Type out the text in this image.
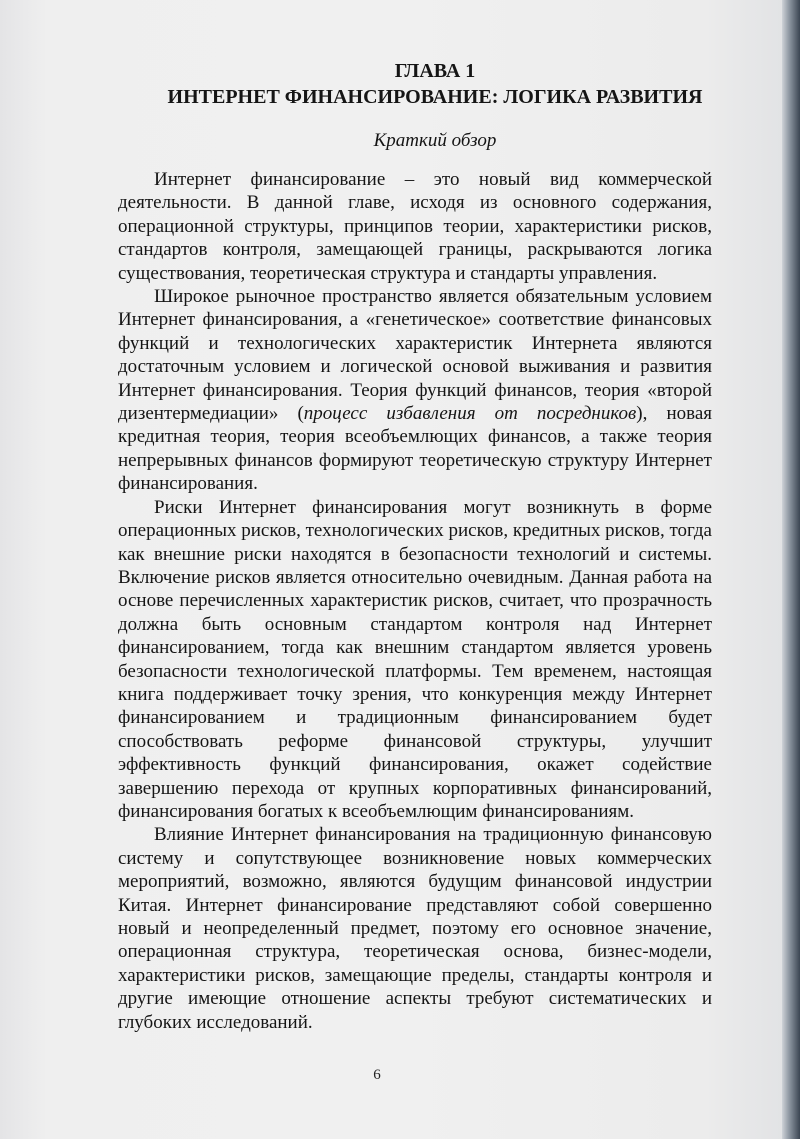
ГЛАВА 1
ИНТЕРНЕТ ФИНАНСИРОВАНИЕ: ЛОГИКА РАЗВИТИЯ
Краткий обзор

Интернет финансирование – это новый вид коммерческой деятельности. В данной главе, исходя из основного содержания, операционной структуры, принципов теории, характеристики рисков, стандартов контроля, замещающей границы, раскрываются логика существования, теоретическая структура и стандарты управления.

Широкое рыночное пространство является обязательным условием Интернет финансирования, а «генетическое» соответствие финансовых функций и технологических характеристик Интернета являются достаточным условием и логической основой выживания и развития Интернет финансирования. Теория функций финансов, теория «второй дизентермедиации» (процесс избавления от посредников), новая кредитная теория, теория всеобъемлющих финансов, а также теория непрерывных финансов формируют теоретическую структуру Интернет финансирования.

Риски Интернет финансирования могут возникнуть в форме операционных рисков, технологических рисков, кредитных рисков, тогда как внешние риски находятся в безопасности технологий и системы. Включение рисков является относительно очевидным. Данная работа на основе перечисленных характеристик рисков, считает, что прозрачность должна быть основным стандартом контроля над Интернет финансированием, тогда как внешним стандартом является уровень безопасности технологической платформы. Тем временем, настоящая книга поддерживает точку зрения, что конкуренция между Интернет финансированием и традиционным финансированием будет способствовать реформе финансовой структуры, улучшит эффективность функций финансирования, окажет содействие завершению перехода от крупных корпоративных финансирований, финансирования богатых к всеобъемлющим финансированиям.

Влияние Интернет финансирования на традиционную финансовую систему и сопутствующее возникновение новых коммерческих мероприятий, возможно, являются будущим финансовой индустрии Китая. Интернет финансирование представляют собой совершенно новый и неопределенный предмет, поэтому его основное значение, операционная структура, теоретическая основа, бизнес-модели, характеристики рисков, замещающие пределы, стандарты контроля и другие имеющие отношение аспекты требуют систематических и глубоких исследований.

6
